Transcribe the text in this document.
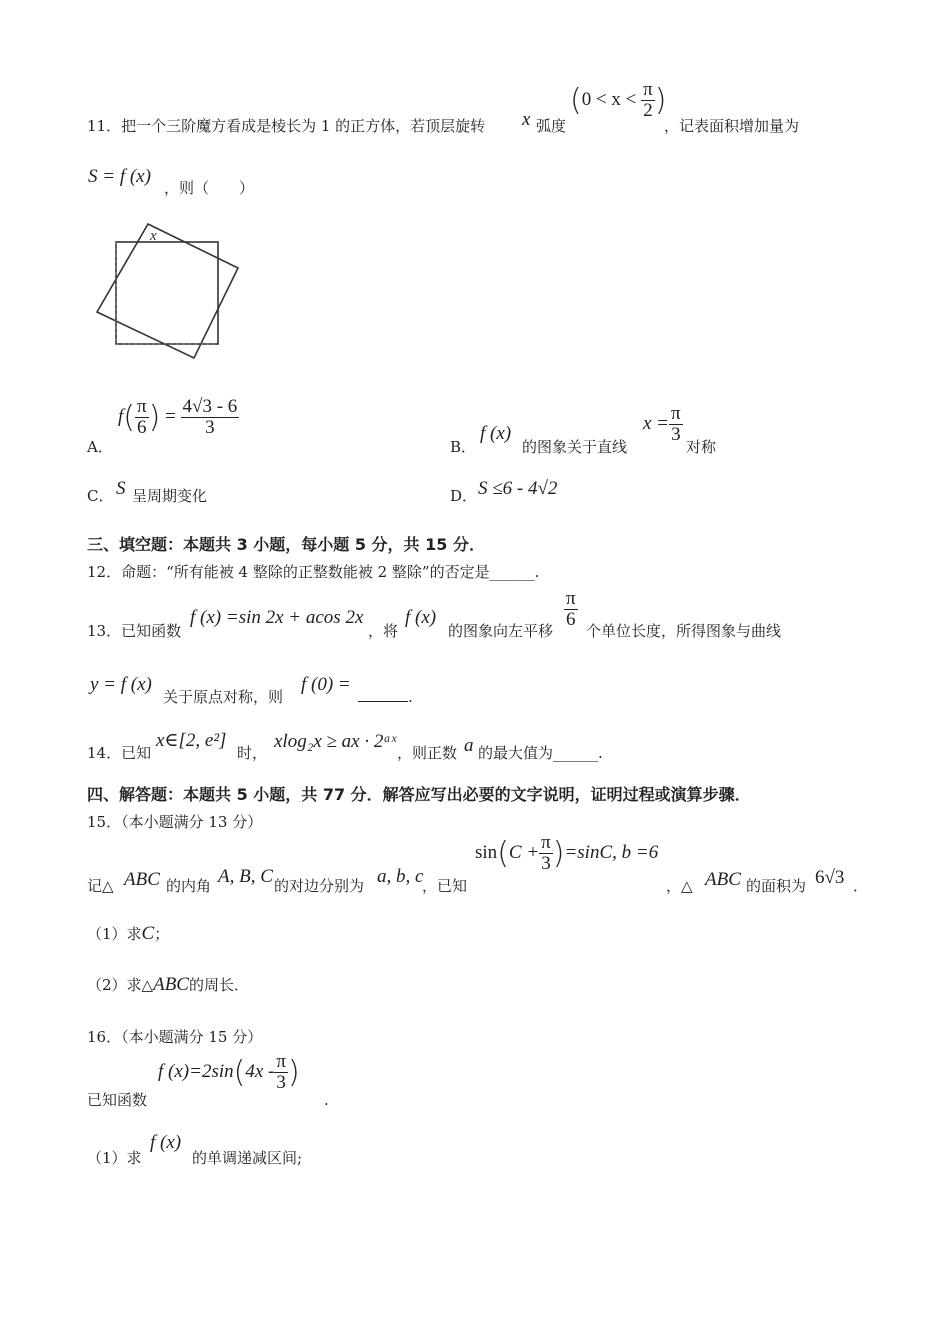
11．把一个三阶魔方看成是棱长为 1 的正方体，若顶层旋转 x 弧度
($0 < x < \frac{\pi}{2}$ )
，记表面积增加量为
S = f (x)
，则（　　）
x
A．
$f( \frac{\pi}{6}$ ) = $\frac{4√3 - 6}{3}$
B．
f (x)
的图象关于直线
$x = \frac{\pi}{3}$
对称
C． S 呈周期变化	D． S ≤6 - 4√2
三、填空题：本题共 3 小题，每小题 5 分，共 15 分．
12．命题：“所有能被 4 整除的正整数能被 2 整除”的否定是______.
13．已知函数
f (x) =sin 2x + acos 2x
，将
f (x)
的图象向左平移
$\frac{\pi}{6}$
个单位长度，所得图象与曲线
y = f (x)
关于原点对称，则
f (0) =
.
14．已知
x∈[2, e²]
时，
xlog₂x ≥ ax · 2ᵃˣ
，则正数 a 的最大值为______.
四、解答题：本题共 5 小题，共 77 分．解答应写出必要的文字说明，证明过程或演算步骤．
15．（本小题满分 13 分）
记△ ABC 的内角 A, B, C 的对边分别为 a, b, c
，已知
$\sin(C + \frac{\pi}{3} )=\sin C$, b =6
，△ ABC 的面积为 6√3 ．
（1）求C；
（2）求△ABC的周长．
16．（本小题满分 15 分）
已知函数
f $(x)=2\sin(4x - \frac{\pi}{3}$ )
.
（1）求
f (x)
的单调递减区间;
